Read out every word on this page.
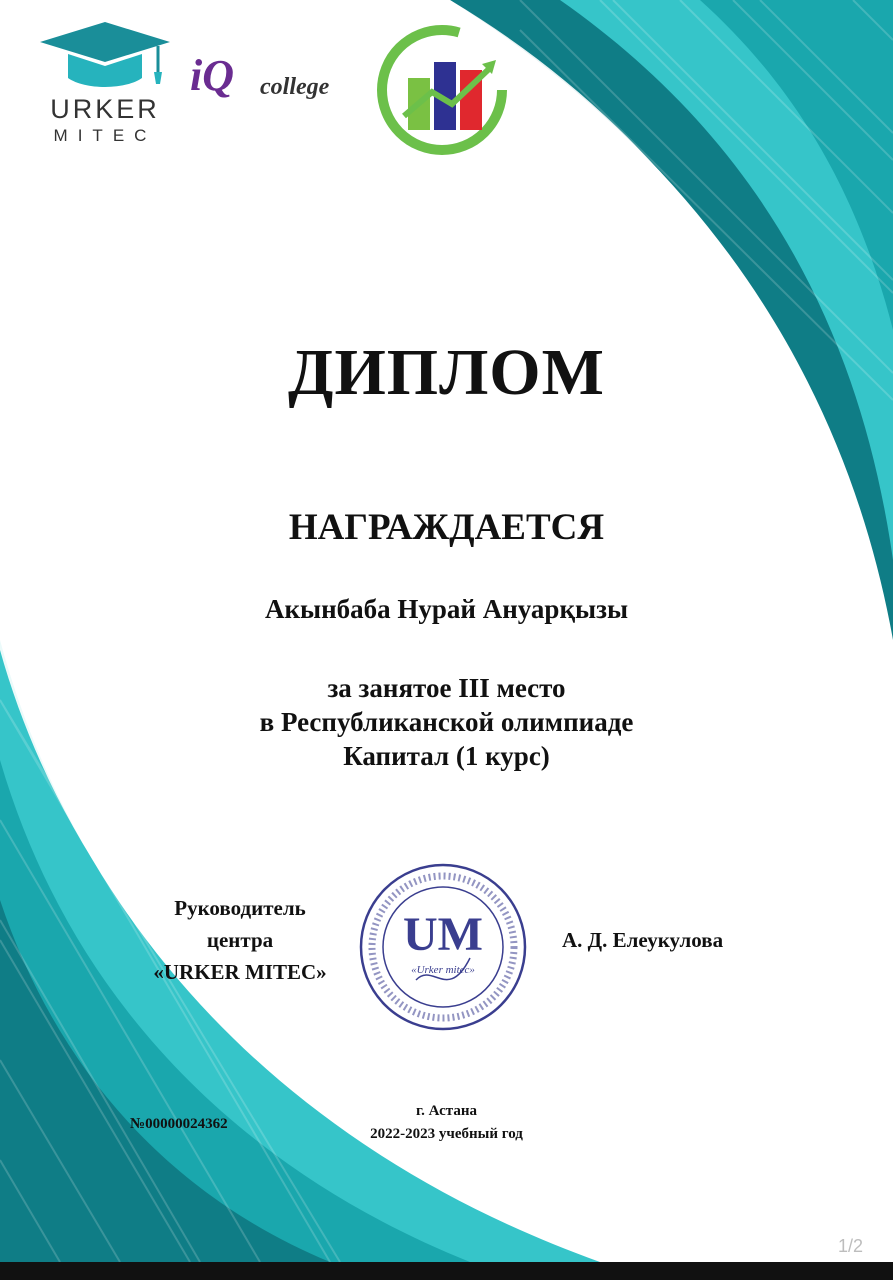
URKER
MITEC
iQ college
ДИПЛОМ
НАГРАЖДАЕТСЯ
Акынбаба Нурай Ануарқызы
за занятое III место
в Республиканской олимпиаде
Капитал (1 курс)
Руководитель
центра
«URKER MITEC»
UM
«Urker mitec»
А. Д. Елеукулова
№00000024362
г. Астана
2022-2023 учебный год
1/2
